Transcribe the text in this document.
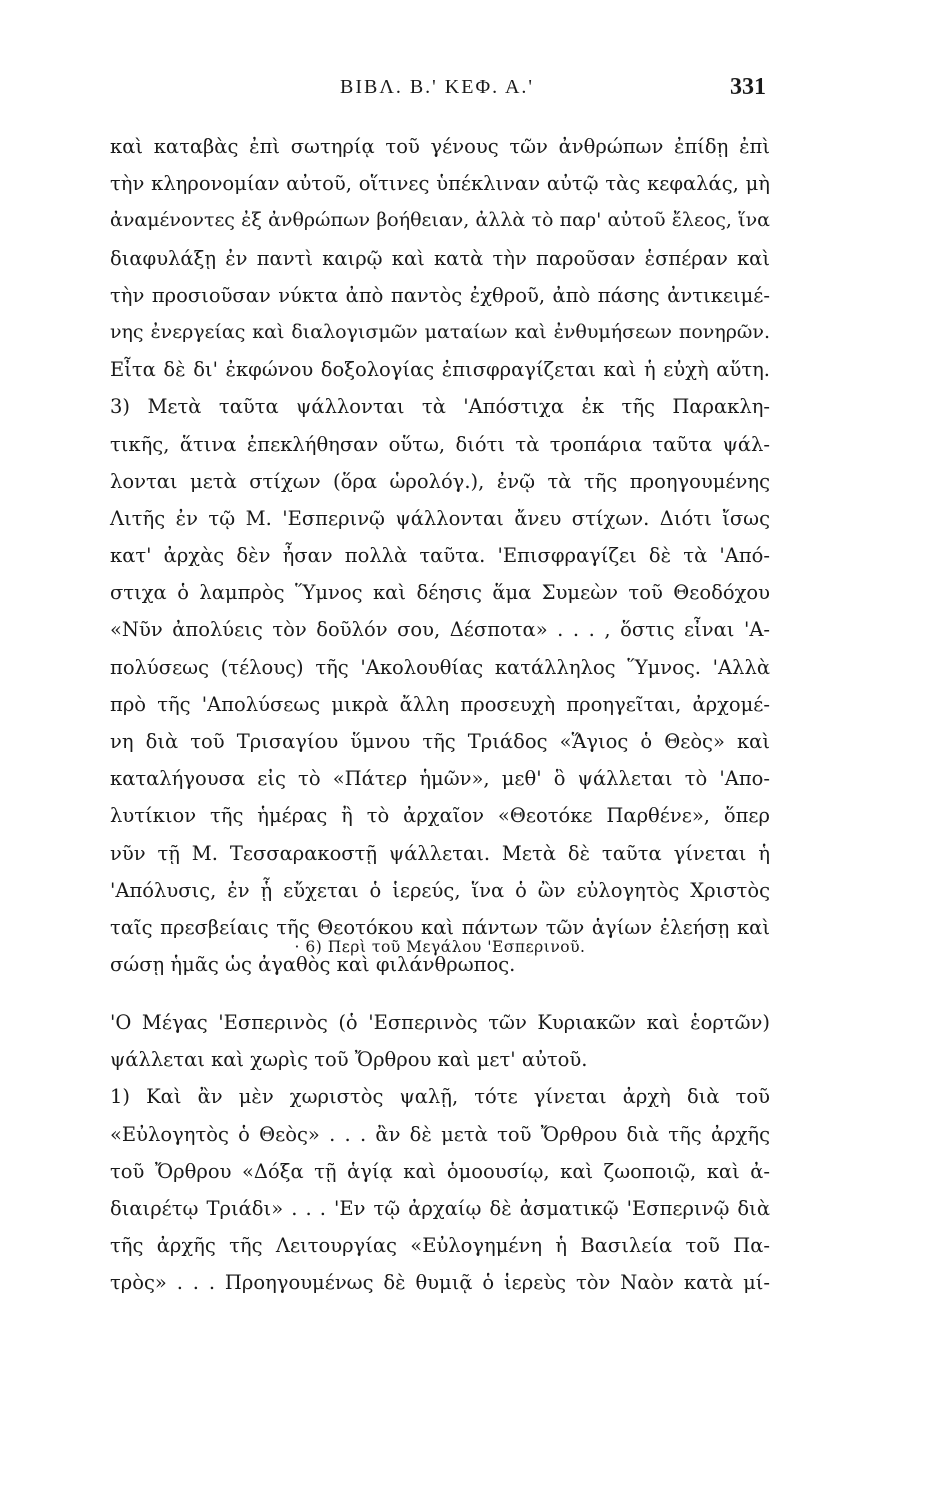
ΒΙΒΛ. Β.' ΚΕΦ. Α.'	331
καὶ καταβὰς ἐπὶ σωτηρίᾳ τοῦ γένους τῶν ἀνθρώπων ἐπίδῃ ἐπὶ
τὴν κληρονομίαν αὐτοῦ, οἵτινες ὑπέκλιναν αὐτῷ τὰς κεφαλάς, μὴ
ἀναμένοντες ἐξ ἀνθρώπων βοήθειαν, ἀλλὰ τὸ παρ' αὐτοῦ ἔλεος, ἵνα
διαφυλάξῃ ἐν παντὶ καιρῷ καὶ κατὰ τὴν παροῦσαν ἑσπέραν καὶ
τὴν προσιοῦσαν νύκτα ἀπὸ παντὸς ἐχθροῦ, ἀπὸ πάσης ἀντικειμέ-
νης ἐνεργείας καὶ διαλογισμῶν ματαίων καὶ ἐνθυμήσεων πονηρῶν.
Εἶτα δὲ δι' ἐκφώνου δοξολογίας ἐπισφραγίζεται καὶ ἡ εὐχὴ αὕτη.
3) Μετὰ ταῦτα ψάλλονται τὰ 'Απόστιχα ἐκ τῆς Παρακλη-
τικῆς, ἅτινα ἐπεκλήθησαν οὕτω, διότι τὰ τροπάρια ταῦτα ψάλ-
λονται μετὰ στίχων (ὅρα ὡρολόγ.), ἐνῷ τὰ τῆς προηγουμένης
Λιτῆς ἐν τῷ Μ. 'Εσπερινῷ ψάλλονται ἄνευ στίχων. Διότι ἴσως
κατ' ἀρχὰς δὲν ἦσαν πολλὰ ταῦτα. 'Επισφραγίζει δὲ τὰ 'Από-
στιχα ὁ λαμπρὸς Ὕμνος καὶ δέησις ἅμα Συμεὼν τοῦ Θεοδόχου
«Νῦν ἀπολύεις τὸν δοῦλόν σου, Δέσποτα» . . . , ὅστις εἶναι 'Α-
πολύσεως (τέλους) τῆς 'Ακολουθίας κατάλληλος Ὕμνος. 'Αλλὰ
πρὸ τῆς 'Απολύσεως μικρὰ ἄλλη προσευχὴ προηγεῖται, ἀρχομέ-
νη διὰ τοῦ Τρισαγίου ὕμνου τῆς Τριάδος «Ἅγιος ὁ Θεὸς» καὶ
καταλήγουσα εἰς τὸ «Πάτερ ἡμῶν», μεθ' ὃ ψάλλεται τὸ 'Απο-
λυτίκιον τῆς ἡμέρας ἢ τὸ ἀρχαῖον «Θεοτόκε Παρθένε», ὅπερ
νῦν τῇ Μ. Τεσσαρακοστῇ ψάλλεται. Μετὰ δὲ ταῦτα γίνεται ἡ
'Απόλυσις, ἐν ᾗ εὔχεται ὁ ἱερεύς, ἵνα ὁ ὢν εὐλογητὸς Χριστὸς
ταῖς πρεσβείαις τῆς Θεοτόκου καὶ πάντων τῶν ἁγίων ἐλεήσῃ καὶ
σώσῃ ἡμᾶς ὡς ἀγαθὸς καὶ φιλάνθρωπος.
· 6) Περὶ τοῦ Μεγάλου 'Εσπερινοῦ.
'Ο Μέγας 'Εσπερινὸς (ὁ 'Εσπερινὸς τῶν Κυριακῶν καὶ ἑορτῶν)
ψάλλεται καὶ χωρὶς τοῦ Ὄρθρου καὶ μετ' αὐτοῦ.
1) Καὶ ἂν μὲν χωριστὸς ψαλῇ, τότε γίνεται ἀρχὴ διὰ τοῦ
«Εὐλογητὸς ὁ Θεὸς» . . . ἂν δὲ μετὰ τοῦ Ὄρθρου διὰ τῆς ἀρχῆς
τοῦ Ὄρθρου «Δόξα τῇ ἁγίᾳ καὶ ὁμοουσίῳ, καὶ ζωοποιῷ, καὶ ἀ-
διαιρέτῳ Τριάδι» . . . 'Εν τῷ ἀρχαίῳ δὲ ἀσματικῷ 'Εσπερινῷ διὰ
τῆς ἀρχῆς τῆς Λειτουργίας «Εὐλογημένη ἡ Βασιλεία τοῦ Πα-
τρὸς» . . . Προηγουμένως δὲ θυμιᾷ ὁ ἱερεὺς τὸν Ναὸν κατὰ μί-
